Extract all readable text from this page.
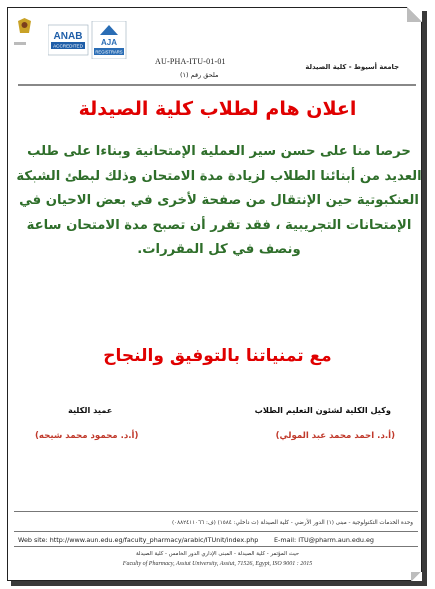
ANAB
ACCREDITED AJA
REGISTRARS
AU-PHA-ITU-01-01
ملحق رقم (١)
جامعة أسيوط - كلية الصيدلة
اعلان هام لطلاب كلية الصيدلة
حرصا منا على حسن سير العملية الإمتحانية وبناءا على طلب العديد من أبنائنا الطلاب لزيادة مدة الامتحان وذلك لبطئ الشبكة العنكبوتية حين الإنتقال من صفحة لأخرى في بعض الاحيان في الإمتحانات التجريبية ، فقد تقرر أن تصبح مدة الامتحان ساعة ونصف في كل المقررات.
مع تمنياتنا بالتوفيق والنجاح
وكيل الكلية لشئون التعليم الطلاب
عميد الكلية
(أ.د. احمد محمد عبد المولي)
(أ.د. محمود محمد شيحه)
وحدة الخدمات التكنولوجية - مبنى (١) الدور الأرضي - كلية الصيدلة (ت داخلي: ١٥٨٤) (ف: ٠٨٨٢٤١١٠٦٦)
Web site: http://www.aun.edu.eg/faculty_pharmacy/arabic/ITUnit/index.php E-mail: ITU@pharm.aun.edu.eg
حيث المؤتمر - كلية الصيدلة - المبنى الإداري الدور الخامس - كلية الصيدلة
Faculty of Pharmacy, Assiut University, Assiut, 71526, Egypt, ISO 9001 : 2015
